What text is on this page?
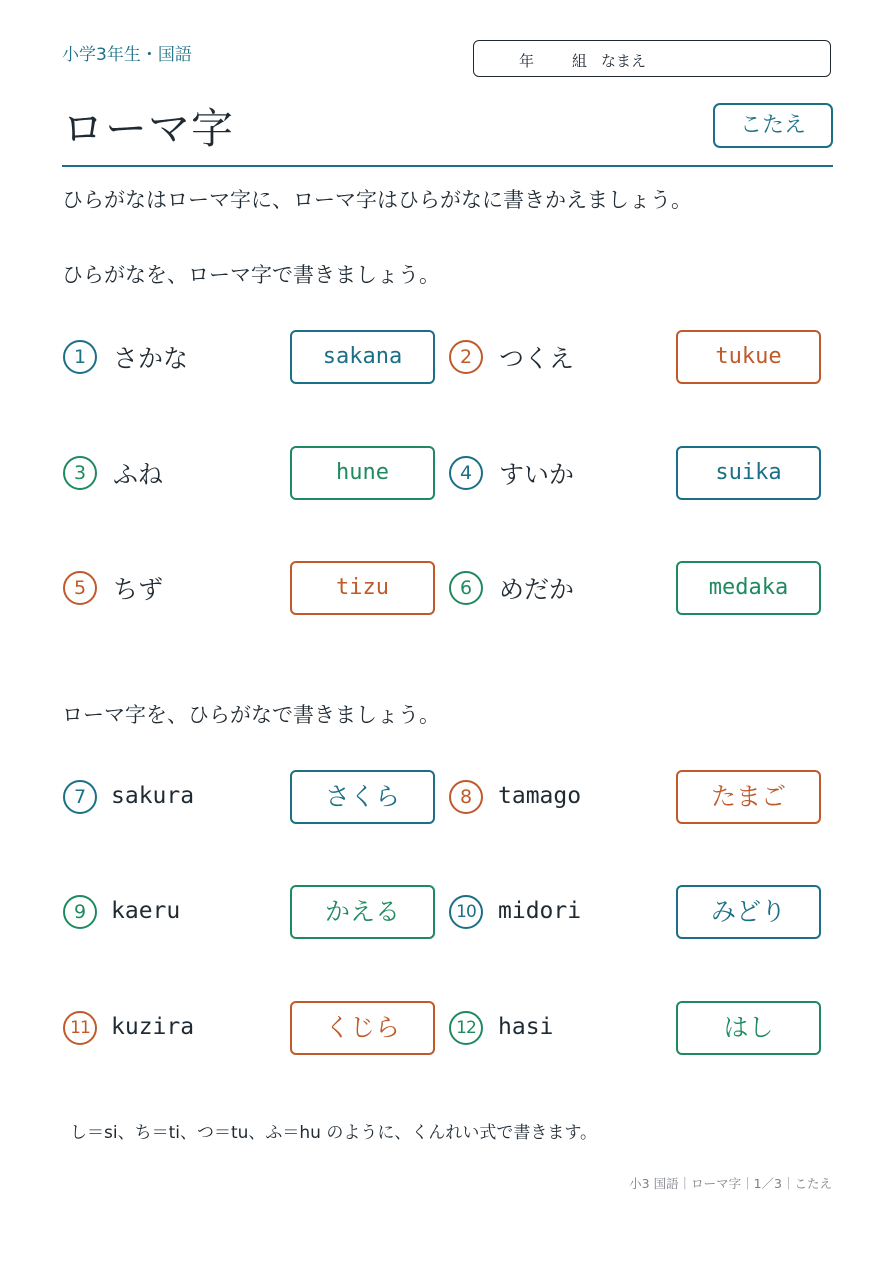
小学3年生・国語	年	組 なまえ
ローマ字	こたえ
ひらがなはローマ字に、ローマ字はひらがなに書きかえましょう。
ひらがなを、ローマ字で書きましょう。
1	さかな	sakana	2	つくえ	tukue
3	ふね	hune	4	すいか	suika
5	ちず	tizu	6	めだか	medaka
ローマ字を、ひらがなで書きましょう。
7	sakura	さくら	8	tamago	たまご
9	kaeru	かえる	10 midori	みどり
11 kuzira	くじら	12 hasi	はし
し＝si、ち＝ti、つ＝tu、ふ＝hu のように、くんれい式で書きます。
小3 国語｜ローマ字｜1／3｜こたえ
